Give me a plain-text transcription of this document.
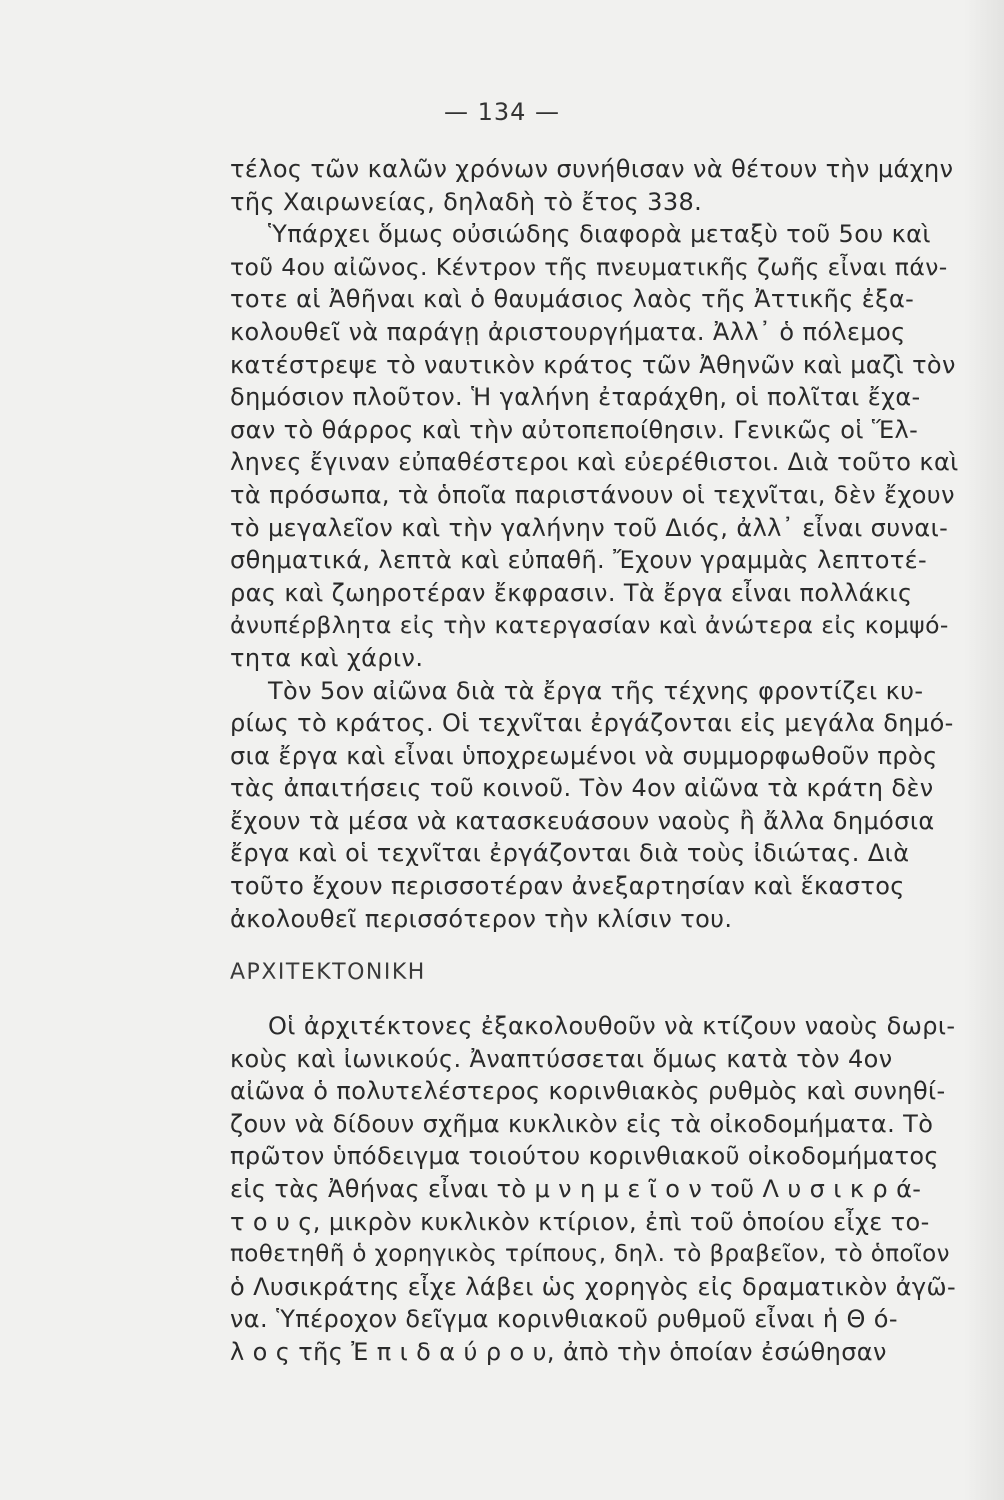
— 134 —
τέλος τῶν καλῶν χρόνων συνήθισαν νὰ θέτουν τὴν μάχην
τῆς Χαιρωνείας, δηλαδὴ τὸ ἔτος 338.
Ὑπάρχει ὅμως οὐσιώδης διαφορὰ μεταξὺ τοῦ 5ου καὶ
τοῦ 4ου αἰῶνος. Κέντρον τῆς πνευματικῆς ζωῆς εἶναι πάν-
τοτε αἱ Ἀθῆναι καὶ ὁ θαυμάσιος λαὸς τῆς Ἀττικῆς ἐξα-
κολουθεῖ νὰ παράγῃ ἀριστουργήματα. Ἀλλ᾽ ὁ πόλεμος
κατέστρεψε τὸ ναυτικὸν κράτος τῶν Ἀθηνῶν καὶ μαζὶ τὸν
δημόσιον πλοῦτον. Ἡ γαλήνη ἐταράχθη, οἱ πολῖται ἔχα-
σαν τὸ θάρρος καὶ τὴν αὐτοπεποίθησιν. Γενικῶς οἱ Ἕλ-
ληνες ἔγιναν εὐπαθέστεροι καὶ εὐερέθιστοι. Διὰ τοῦτο καὶ
τὰ πρόσωπα, τὰ ὁποῖα παριστάνουν οἱ τεχνῖται, δὲν ἔχουν
τὸ μεγαλεῖον καὶ τὴν γαλήνην τοῦ Διός, ἀλλ᾽ εἶναι συναι-
σθηματικά, λεπτὰ καὶ εὐπαθῆ. Ἔχουν γραμμὰς λεπτοτέ-
ρας καὶ ζωηροτέραν ἔκφρασιν. Τὰ ἔργα εἶναι πολλάκις
ἀνυπέρβλητα εἰς τὴν κατεργασίαν καὶ ἀνώτερα εἰς κομψό-
τητα καὶ χάριν.
Τὸν 5ον αἰῶνα διὰ τὰ ἔργα τῆς τέχνης φροντίζει κυ-
ρίως τὸ κράτος. Οἱ τεχνῖται ἐργάζονται εἰς μεγάλα δημό-
σια ἔργα καὶ εἶναι ὑποχρεωμένοι νὰ συμμορφωθοῦν πρὸς
τὰς ἀπαιτήσεις τοῦ κοινοῦ. Τὸν 4ον αἰῶνα τὰ κράτη δὲν
ἔχουν τὰ μέσα νὰ κατασκευάσουν ναοὺς ἢ ἄλλα δημόσια
ἔργα καὶ οἱ τεχνῖται ἐργάζονται διὰ τοὺς ἰδιώτας. Διὰ
τοῦτο ἔχουν περισσοτέραν ἀνεξαρτησίαν καὶ ἕκαστος
ἀκολουθεῖ περισσότερον τὴν κλίσιν του.
ΑΡΧΙΤΕΚΤΟΝΙΚΗ
Οἱ ἀρχιτέκτονες ἐξακολουθοῦν νὰ κτίζουν ναοὺς δωρι-
κοὺς καὶ ἰωνικούς. Ἀναπτύσσεται ὅμως κατὰ τὸν 4ον
αἰῶνα ὁ πολυτελέστερος κορινθιακὸς ρυθμὸς καὶ συνηθί-
ζουν νὰ δίδουν σχῆμα κυκλικὸν εἰς τὰ οἰκοδομήματα. Τὸ
πρῶτον ὑπόδειγμα τοιούτου κορινθιακοῦ οἰκοδομήματος
εἰς τὰς Ἀθήνας εἶναι τὸ μ ν η μ ε ῖ ο ν τοῦ Λ υ σ ι κ ρ ά-
τ ο υ ς, μικρὸν κυκλικὸν κτίριον, ἐπὶ τοῦ ὁποίου εἶχε το-
ποθετηθῆ ὁ χορηγικὸς τρίπους, δηλ. τὸ βραβεῖον, τὸ ὁποῖον
ὁ Λυσικράτης εἶχε λάβει ὡς χορηγὸς εἰς δραματικὸν ἀγῶ-
να. Ὑπέροχον δεῖγμα κορινθιακοῦ ρυθμοῦ εἶναι ἡ Θ ό-
λ ο ς τῆς Ἐ π ι δ α ύ ρ ο υ, ἀπὸ τὴν ὁποίαν ἐσώθησαν
